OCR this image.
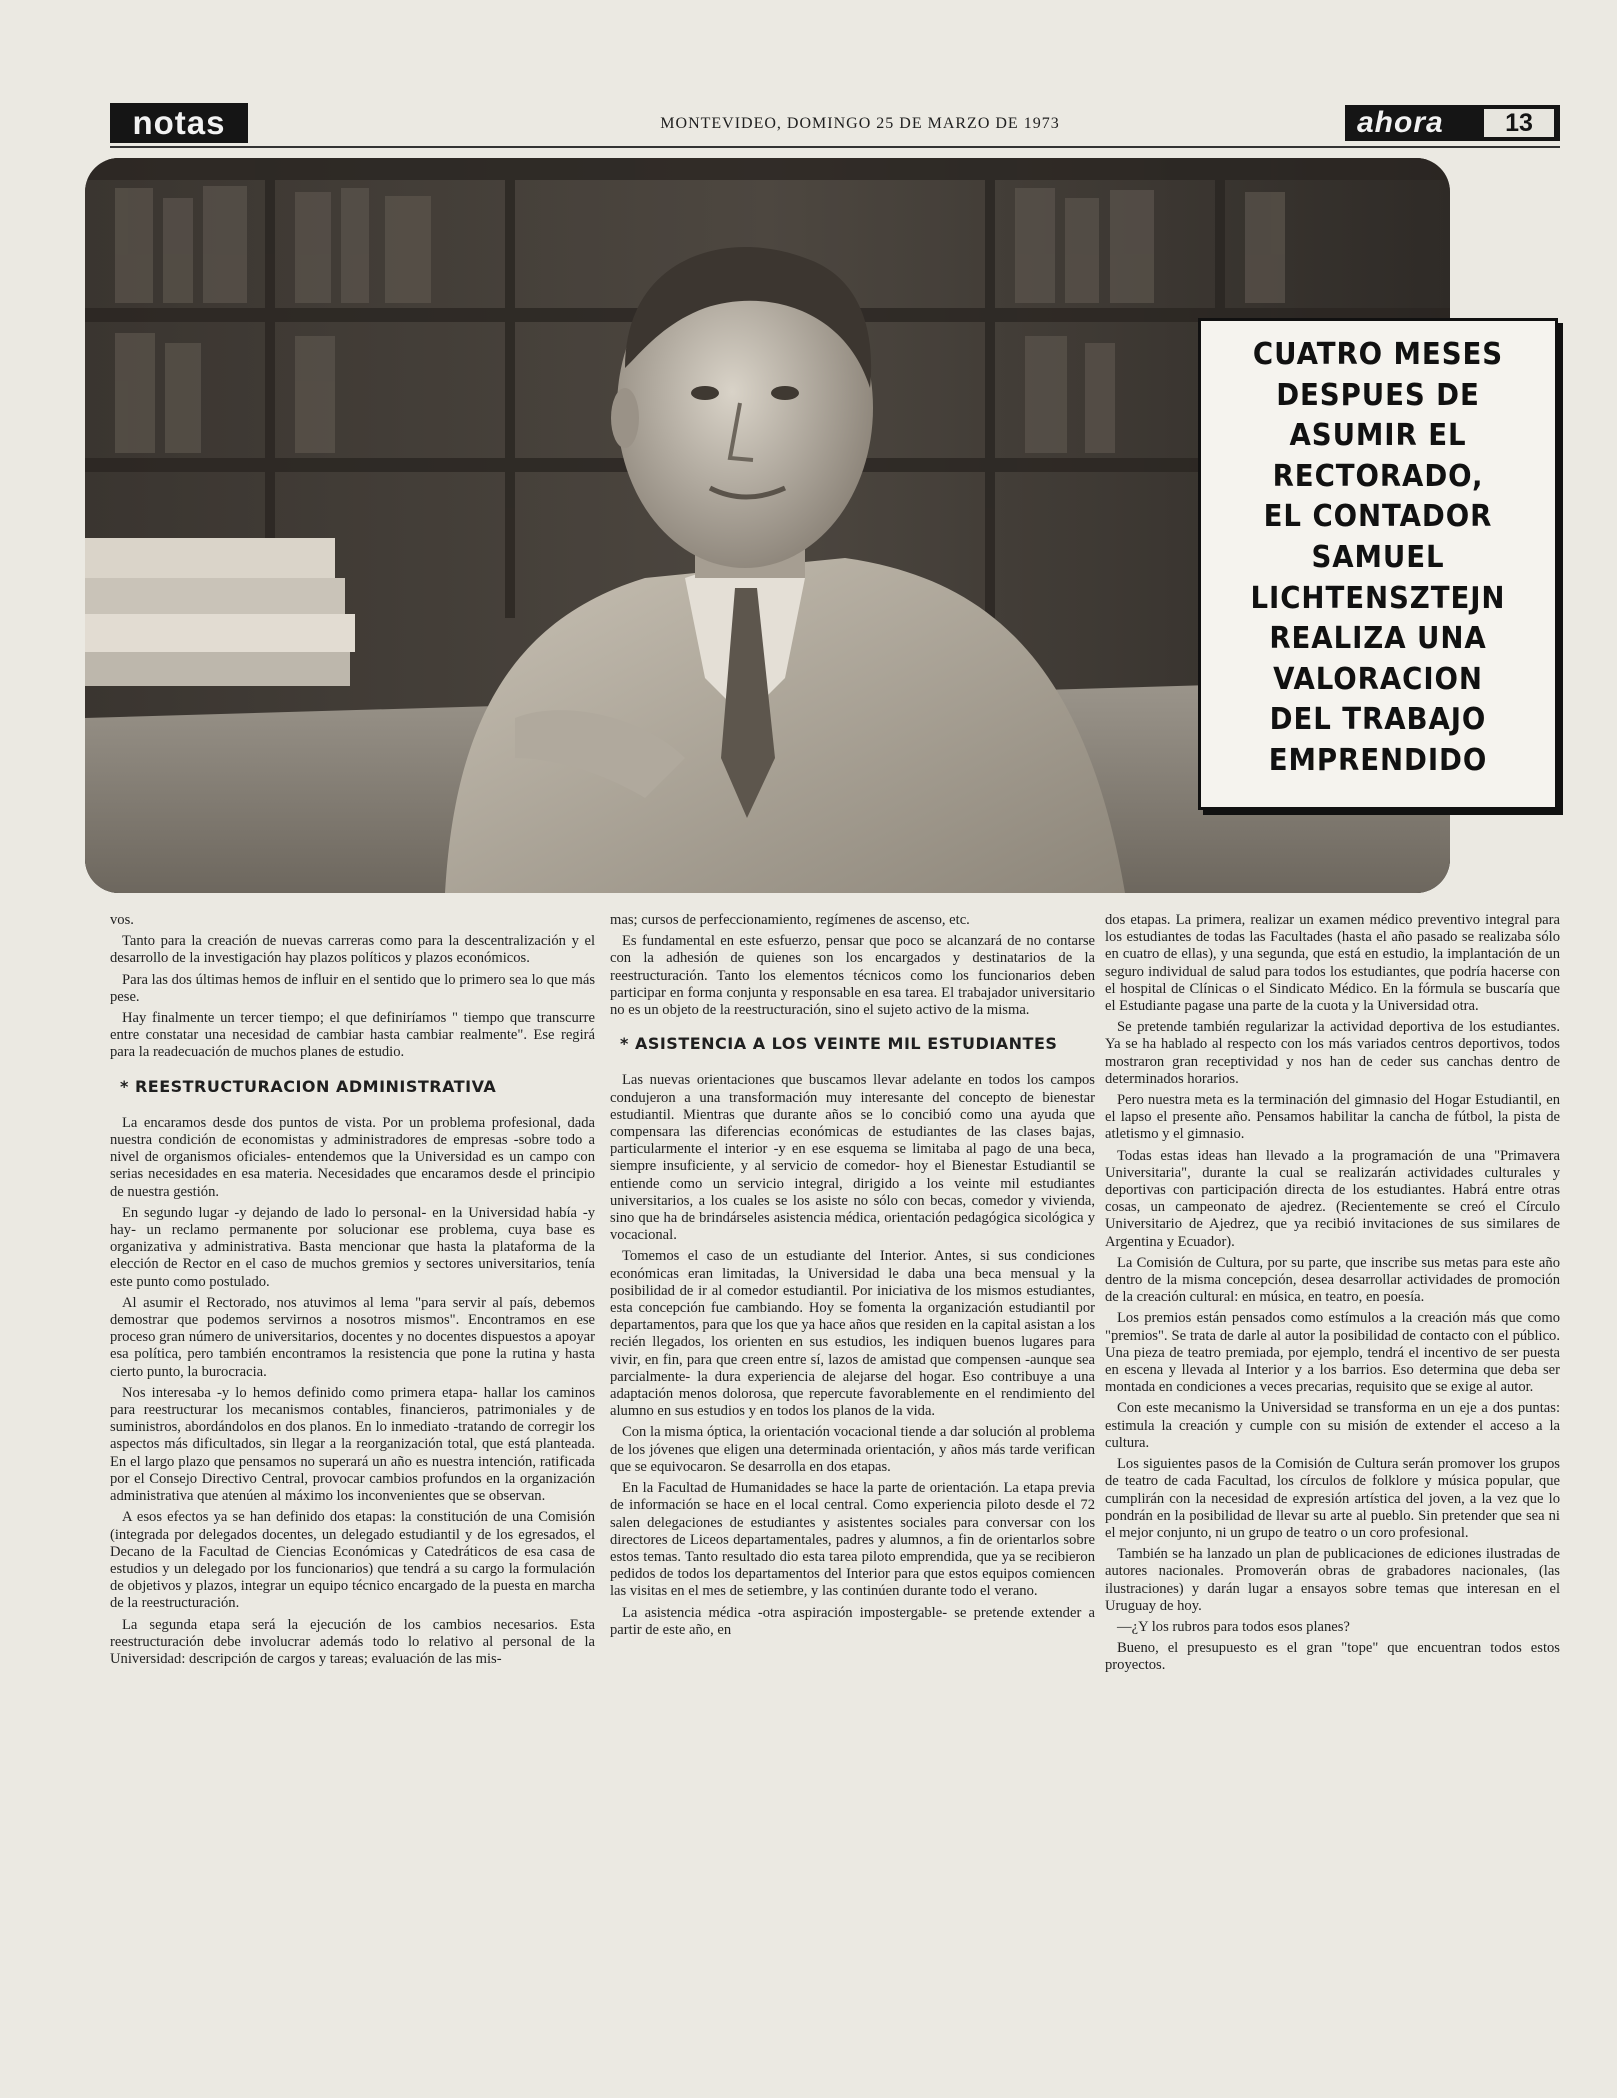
notas	MONTEVIDEO, DOMINGO 25 DE MARZO DE 1973	ahora	13
CUATRO MESES
DESPUES DE
ASUMIR EL
RECTORADO,
EL CONTADOR
SAMUEL
LICHTENSZTEJN
REALIZA UNA
VALORACION
DEL TRABAJO
EMPRENDIDO

vos.

Tanto para la creación de nuevas carreras como para la descentralización y el desarrollo de la investigación hay plazos políticos y plazos económicos.

Para las dos últimas hemos de influir en el sentido que lo primero sea lo que más pese.

Hay finalmente un tercer tiempo; el que definiríamos " tiempo que transcurre entre constatar una necesidad de cambiar hasta cambiar realmente". Ese regirá para la readecuación de muchos planes de estudio.

* REESTRUCTURACION ADMINISTRATIVA

La encaramos desde dos puntos de vista. Por un problema profesional, dada nuestra condición de economistas y administradores de empresas -sobre todo a nivel de organismos oficiales- entendemos que la Universidad es un campo con serias necesidades en esa materia. Necesidades que encaramos desde el principio de nuestra gestión.

En segundo lugar -y dejando de lado lo personal- en la Universidad había -y hay- un reclamo permanente por solucionar ese problema, cuya base es organizativa y administrativa. Basta mencionar que hasta la plataforma de la elección de Rector en el caso de muchos gremios y sectores universitarios, tenía este punto como postulado.

Al asumir el Rectorado, nos atuvimos al lema "para servir al país, debemos demostrar que podemos servirnos a nosotros mismos". Encontramos en ese proceso gran número de universitarios, docentes y no docentes dispuestos a apoyar esa política, pero también encontramos la resistencia que pone la rutina y hasta cierto punto, la burocracia.

Nos interesaba -y lo hemos definido como primera etapa- hallar los caminos para reestructurar los mecanismos contables, financieros, patrimoniales y de suministros, abordándolos en dos planos. En lo inmediato -tratando de corregir los aspectos más dificultados, sin llegar a la reorganización total, que está planteada. En el largo plazo que pensamos no superará un año es nuestra intención, ratificada por el Consejo Directivo Central, provocar cambios profundos en la organización administrativa que atenúen al máximo los inconvenientes que se observan.

A esos efectos ya se han definido dos etapas: la constitución de una Comisión (integrada por delegados docentes, un delegado estudiantil y de los egresados, el Decano de la Facultad de Ciencias Económicas y Catedráticos de esa casa de estudios y un delegado por los funcionarios) que tendrá a su cargo la formulación de objetivos y plazos, integrar un equipo técnico encargado de la puesta en marcha de la reestructuración.

La segunda etapa será la ejecución de los cambios necesarios. Esta reestructuración debe involucrar además todo lo relativo al personal de la Universidad: descripción de cargos y tareas; evaluación de las mis-

mas; cursos de perfeccionamiento, regímenes de ascenso, etc.

Es fundamental en este esfuerzo, pensar que poco se alcanzará de no contarse con la adhesión de quienes son los encargados y destinatarios de la reestructuración. Tanto los elementos técnicos como los funcionarios deben participar en forma conjunta y responsable en esa tarea. El trabajador universitario no es un objeto de la reestructuración, sino el sujeto activo de la misma.

* ASISTENCIA A LOS VEINTE MIL ESTUDIANTES

Las nuevas orientaciones que buscamos llevar adelante en todos los campos condujeron a una transformación muy interesante del concepto de bienestar estudiantil. Mientras que durante años se lo concibió como una ayuda que compensara las diferencias económicas de estudiantes de las clases bajas, particularmente el interior -y en ese esquema se limitaba al pago de una beca, siempre insuficiente, y al servicio de comedor- hoy el Bienestar Estudiantil se entiende como un servicio integral, dirigido a los veinte mil estudiantes universitarios, a los cuales se los asiste no sólo con becas, comedor y vivienda, sino que ha de brindárseles asistencia médica, orientación pedagógica sicológica y vocacional.

Tomemos el caso de un estudiante del Interior. Antes, si sus condiciones económicas eran limitadas, la Universidad le daba una beca mensual y la posibilidad de ir al comedor estudiantil. Por iniciativa de los mismos estudiantes, esta concepción fue cambiando. Hoy se fomenta la organización estudiantil por departamentos, para que los que ya hace años que residen en la capital asistan a los recién llegados, los orienten en sus estudios, les indiquen buenos lugares para vivir, en fin, para que creen entre sí, lazos de amistad que compensen -aunque sea parcialmente- la dura experiencia de alejarse del hogar. Eso contribuye a una adaptación menos dolorosa, que repercute favorablemente en el rendimiento del alumno en sus estudios y en todos los planos de la vida.

Con la misma óptica, la orientación vocacional tiende a dar solución al problema de los jóvenes que eligen una determinada orientación, y años más tarde verifican que se equivocaron. Se desarrolla en dos etapas.

En la Facultad de Humanidades se hace la parte de orientación. La etapa previa de información se hace en el local central. Como experiencia piloto desde el 72 salen delegaciones de estudiantes y asistentes sociales para conversar con los directores de Liceos departamentales, padres y alumnos, a fin de orientarlos sobre estos temas. Tanto resultado dio esta tarea piloto emprendida, que ya se recibieron pedidos de todos los departamentos del Interior para que estos equipos comiencen las visitas en el mes de setiembre, y las continúen durante todo el verano.

La asistencia médica -otra aspiración impostergable- se pretende extender a partir de este año, en

dos etapas. La primera, realizar un examen médico preventivo integral para los estudiantes de todas las Facultades (hasta el año pasado se realizaba sólo en cuatro de ellas), y una segunda, que está en estudio, la implantación de un seguro individual de salud para todos los estudiantes, que podría hacerse con el hospital de Clínicas o el Sindicato Médico. En la fórmula se buscaría que el Estudiante pagase una parte de la cuota y la Universidad otra.

Se pretende también regularizar la actividad deportiva de los estudiantes. Ya se ha hablado al respecto con los más variados centros deportivos, todos mostraron gran receptividad y nos han de ceder sus canchas dentro de determinados horarios.

Pero nuestra meta es la terminación del gimnasio del Hogar Estudiantil, en el lapso el presente año. Pensamos habilitar la cancha de fútbol, la pista de atletismo y el gimnasio.

Todas estas ideas han llevado a la programación de una "Primavera Universitaria", durante la cual se realizarán actividades culturales y deportivas con participación directa de los estudiantes. Habrá entre otras cosas, un campeonato de ajedrez. (Recientemente se creó el Círculo Universitario de Ajedrez, que ya recibió invitaciones de sus similares de Argentina y Ecuador).

La Comisión de Cultura, por su parte, que inscribe sus metas para este año dentro de la misma concepción, desea desarrollar actividades de promoción de la creación cultural: en música, en teatro, en poesía.

Los premios están pensados como estímulos a la creación más que como "premios". Se trata de darle al autor la posibilidad de contacto con el público. Una pieza de teatro premiada, por ejemplo, tendrá el incentivo de ser puesta en escena y llevada al Interior y a los barrios. Eso determina que deba ser montada en condiciones a veces precarias, requisito que se exige al autor.

Con este mecanismo la Universidad se transforma en un eje a dos puntas: estimula la creación y cumple con su misión de extender el acceso a la cultura.

Los siguientes pasos de la Comisión de Cultura serán promover los grupos de teatro de cada Facultad, los círculos de folklore y música popular, que cumplirán con la necesidad de expresión artística del joven, a la vez que lo pondrán en la posibilidad de llevar su arte al pueblo. Sin pretender que sea ni el mejor conjunto, ni un grupo de teatro o un coro profesional.

También se ha lanzado un plan de publicaciones de ediciones ilustradas de autores nacionales. Promoverán obras de grabadores nacionales, (las ilustraciones) y darán lugar a ensayos sobre temas que interesan en el Uruguay de hoy.

—¿Y los rubros para todos esos planes?

Bueno, el presupuesto es el gran "tope" que encuentran todos estos proyectos.
